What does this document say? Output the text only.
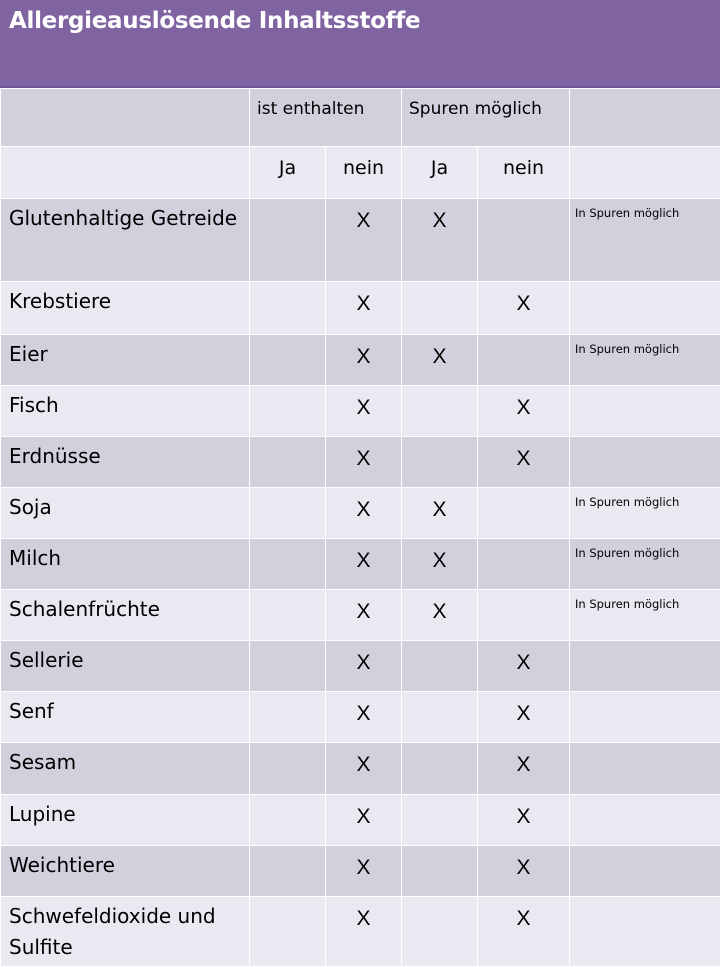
Allergieauslösende Inhaltsstoffe

	ist enthalten		Spuren möglich		

	Ja	nein	Ja	nein	

Glutenhaltige Getreide		X	X		In Spuren möglich

Krebstiere		X		X	

Eier		X	X		In Spuren möglich

Fisch		X		X	

Erdnüsse		X		X	

Soja		X	X		In Spuren möglich

Milch		X	X		In Spuren möglich

Schalenfrüchte		X	X		In Spuren möglich

Sellerie		X		X	

Senf		X		X	

Sesam		X		X	

Lupine		X		X	

Weichtiere		X		X	

Schwefeldioxide und Sulfite		X		X	
